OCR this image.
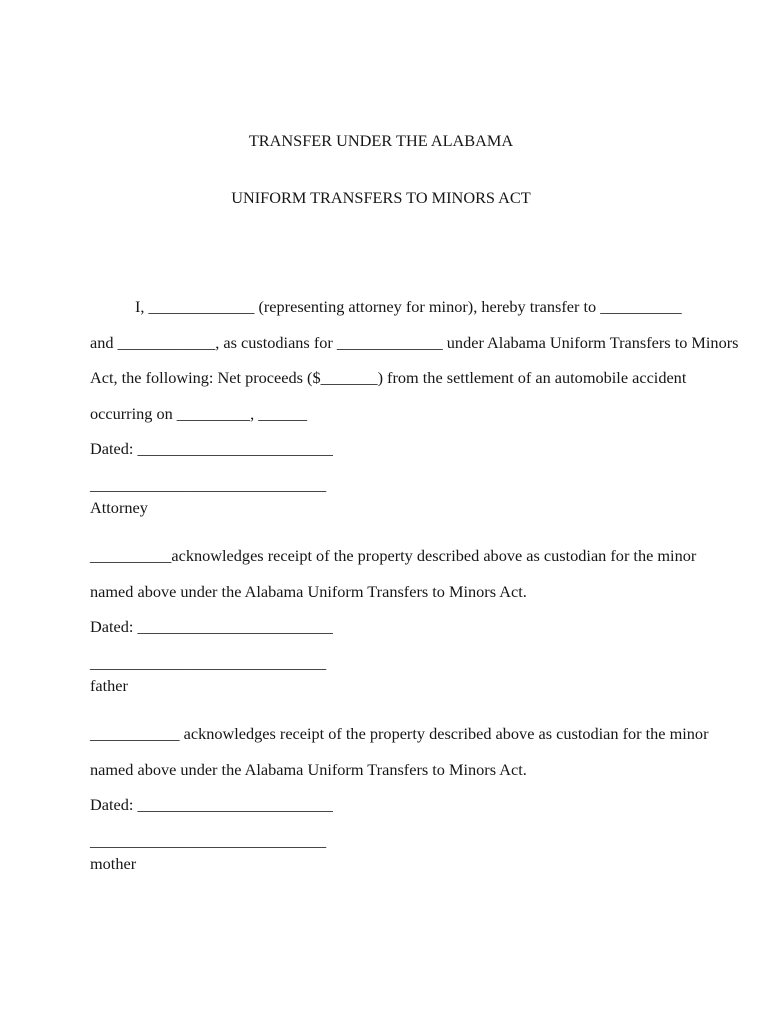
TRANSFER UNDER THE ALABAMA

UNIFORM TRANSFERS TO MINORS ACT

I, _____________ (representing attorney for minor), hereby transfer to __________
and ____________, as custodians for _____________ under Alabama Uniform Transfers to Minors
Act, the following: Net proceeds ($_______) from the settlement of an automobile accident
occurring on _________, ______
Dated: ________________________
_____________________________
Attorney
__________acknowledges receipt of the property described above as custodian for the minor
named above under the Alabama Uniform Transfers to Minors Act.
Dated: ________________________
_____________________________
father
___________ acknowledges receipt of the property described above as custodian for the minor
named above under the Alabama Uniform Transfers to Minors Act.
Dated: ________________________
_____________________________
mother
